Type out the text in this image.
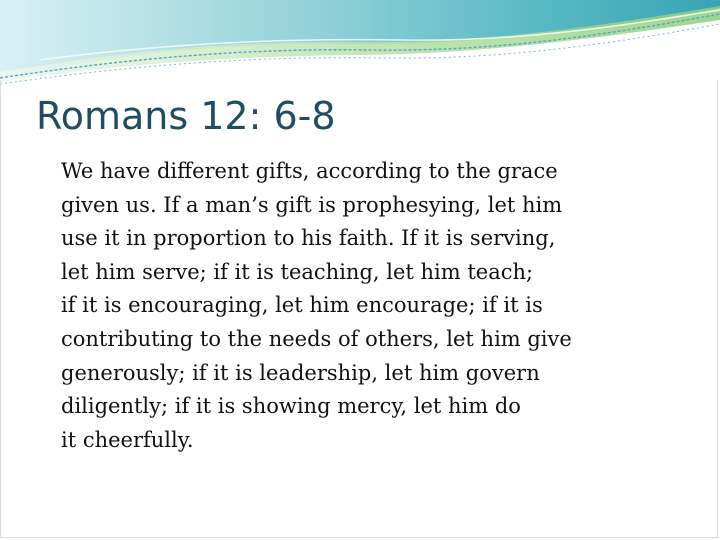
Romans 12: 6-8
We have different gifts, according to the grace
given us. If a man’s gift is prophesying, let him
use it in proportion to his faith. If it is serving,
let him serve; if it is teaching, let him teach;
if it is encouraging, let him encourage; if it is
contributing to the needs of others, let him give
generously; if it is leadership, let him govern
diligently; if it is showing mercy, let him do
it cheerfully.
